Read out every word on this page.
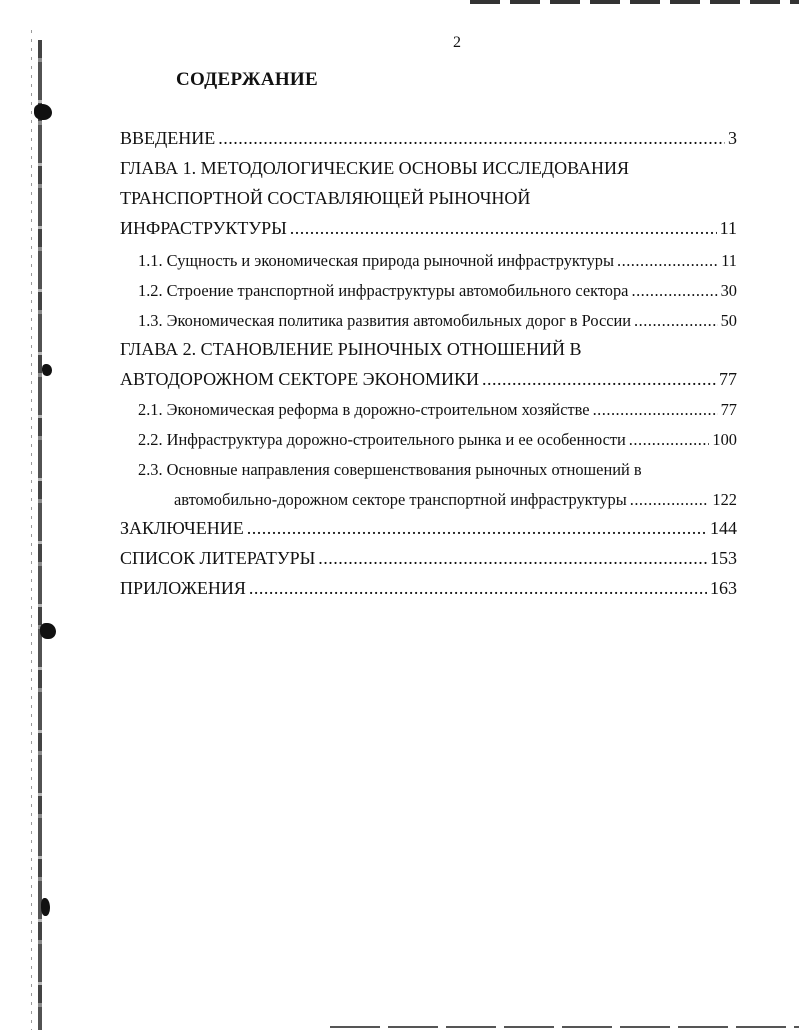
2
СОДЕРЖАНИЕ
ВВЕДЕНИЕ .....	3
ГЛАВА 1. МЕТОДОЛОГИЧЕСКИЕ ОСНОВЫ ИССЛЕДОВАНИЯ
ТРАНСПОРТНОЙ СОСТАВЛЯЮЩЕЙ РЫНОЧНОЙ
ИНФРАСТРУКТУРЫ .....	11
1.1. Сущность и экономическая природа рыночной инфраструктуры .....	11
1.2. Строение транспортной инфраструктуры автомобильного сектора .....	30
1.3. Экономическая политика развития автомобильных дорог в России .....	50
ГЛАВА 2. СТАНОВЛЕНИЕ РЫНОЧНЫХ ОТНОШЕНИЙ В
АВТОДОРОЖНОМ СЕКТОРЕ ЭКОНОМИКИ .....	77
2.1. Экономическая реформа в дорожно-строительном хозяйстве .....	77
2.2. Инфраструктура дорожно-строительного рынка и ее особенности .....	100
2.3. Основные направления совершенствования рыночных отношений в
автомобильно-дорожном секторе транспортной инфраструктуры .....	122
ЗАКЛЮЧЕНИЕ .....	144
СПИСОК ЛИТЕРАТУРЫ .....	153
ПРИЛОЖЕНИЯ .....	163
